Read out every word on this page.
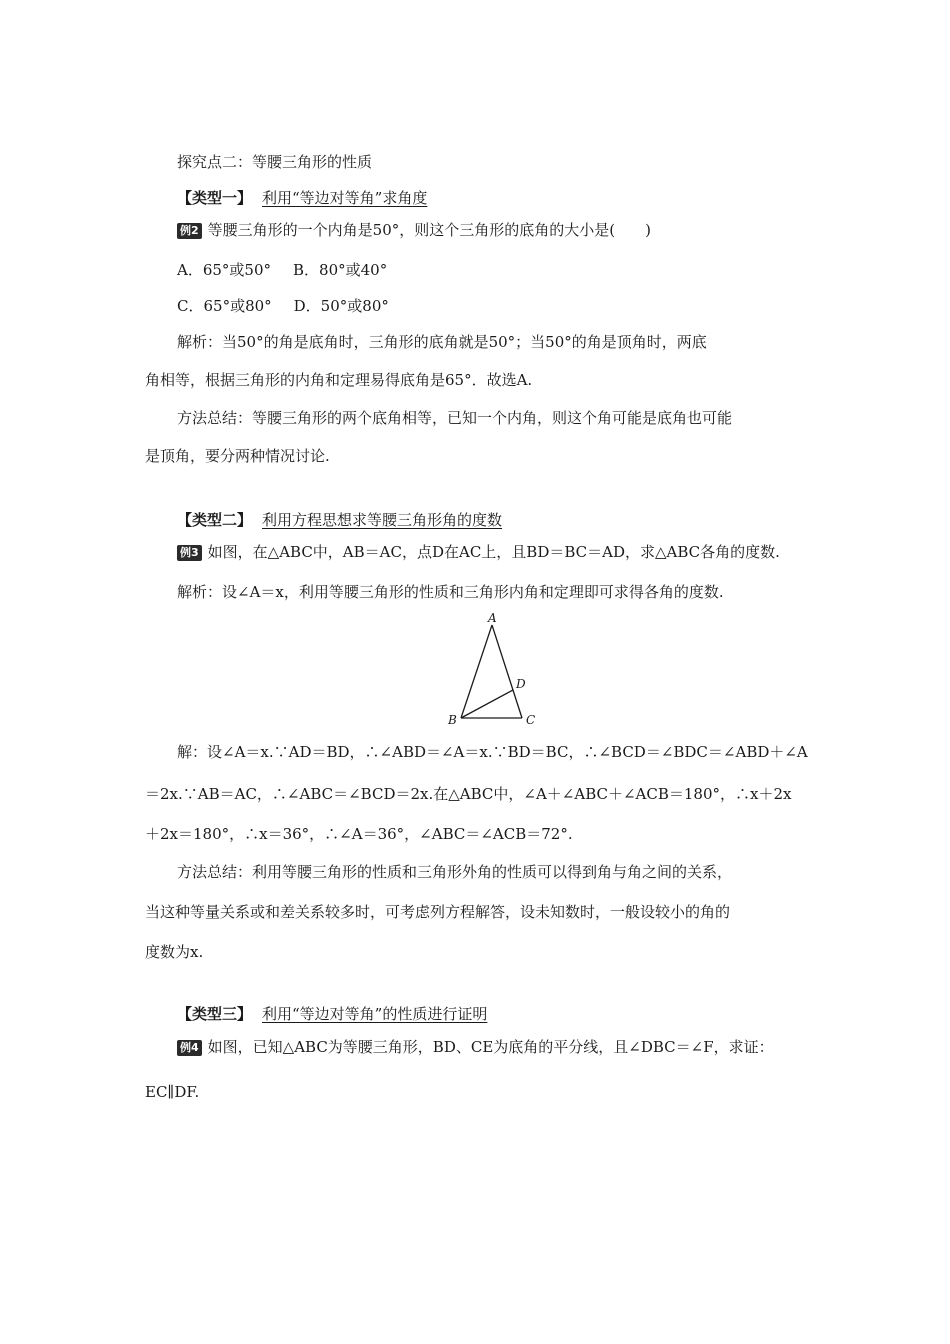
探究点二：等腰三角形的性质
【类型一】 利用“等边对等角”求角度
例2 等腰三角形的一个内角是50°，则这个三角形的底角的大小是(　　)
A．65°或50° B．80°或40°
C．65°或80° D．50°或80°
解析：当50°的角是底角时，三角形的底角就是50°；当50°的角是顶角时，两底
角相等，根据三角形的内角和定理易得底角是65°．故选A.
方法总结：等腰三角形的两个底角相等，已知一个内角，则这个角可能是底角也可能
是顶角，要分两种情况讨论.
【类型二】 利用方程思想求等腰三角形角的度数
例3 如图，在△ABC中，AB＝AC，点D在AC上，且BD＝BC＝AD，求△ABC各角的度数.
解析：设∠A＝x，利用等腰三角形的性质和三角形内角和定理即可求得各角的度数.
A
B	C
D
解：设∠A＝x.∵AD＝BD，∴∠ABD＝∠A＝x.∵BD＝BC，∴∠BCD＝∠BDC＝∠ABD＋∠A
＝2x.∵AB＝AC，∴∠ABC＝∠BCD＝2x.在△ABC中，∠A＋∠ABC＋∠ACB＝180°，∴x＋2x
＋2x＝180°，∴x＝36°，∴∠A＝36°，∠ABC＝∠ACB＝72°.
方法总结：利用等腰三角形的性质和三角形外角的性质可以得到角与角之间的关系，
当这种等量关系或和差关系较多时，可考虑列方程解答，设未知数时，一般设较小的角的
度数为x.
【类型三】 利用“等边对等角”的性质进行证明
例4 如图，已知△ABC为等腰三角形，BD、CE为底角的平分线，且∠DBC＝∠F，求证：
EC∥DF.
